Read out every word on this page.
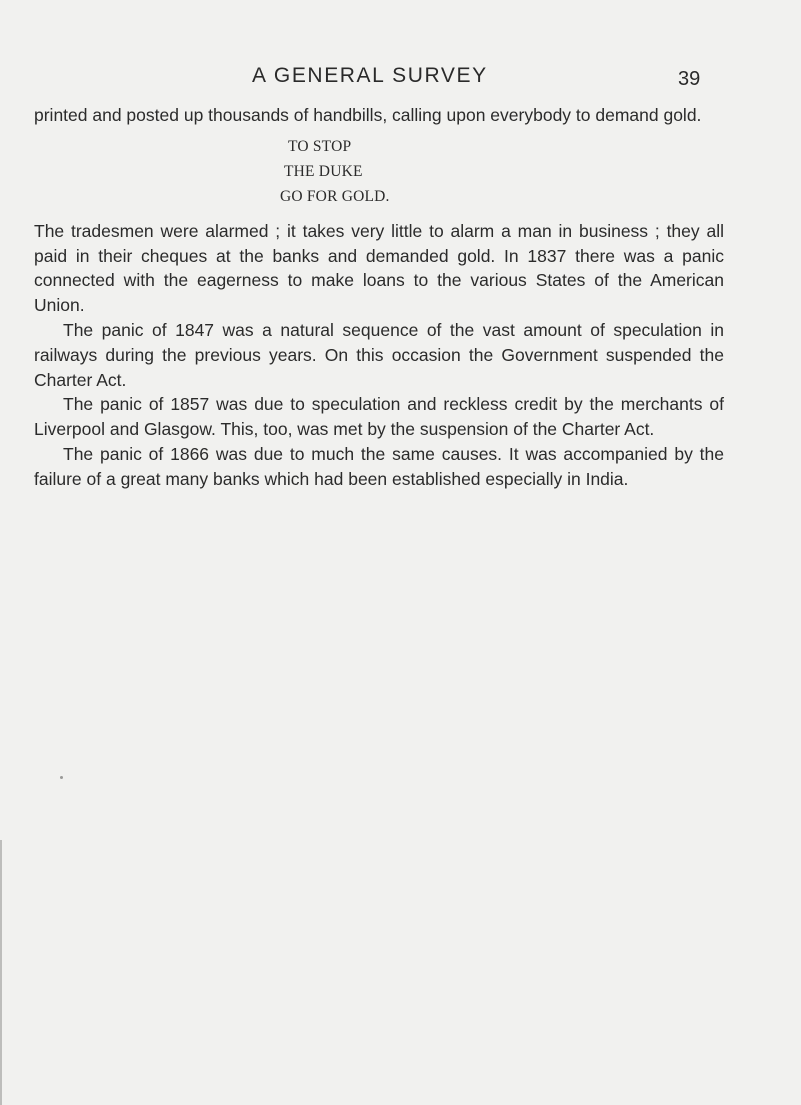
A GENERAL SURVEY	39

printed and posted up thousands of handbills, calling upon everybody to demand gold.

TO STOP
THE DUKE
GO FOR GOLD.

The tradesmen were alarmed ; it takes very little to alarm a man in business ; they all paid in their cheques at the banks and demanded gold. In 1837 there was a panic connected with the eagerness to make loans to the various States of the American Union.

The panic of 1847 was a natural sequence of the vast amount of speculation in railways during the previous years. On this occasion the Government suspended the Charter Act.

The panic of 1857 was due to speculation and reckless credit by the merchants of Liverpool and Glasgow. This, too, was met by the suspension of the Charter Act.

The panic of 1866 was due to much the same causes. It was accompanied by the failure of a great many banks which had been established especially in India.
